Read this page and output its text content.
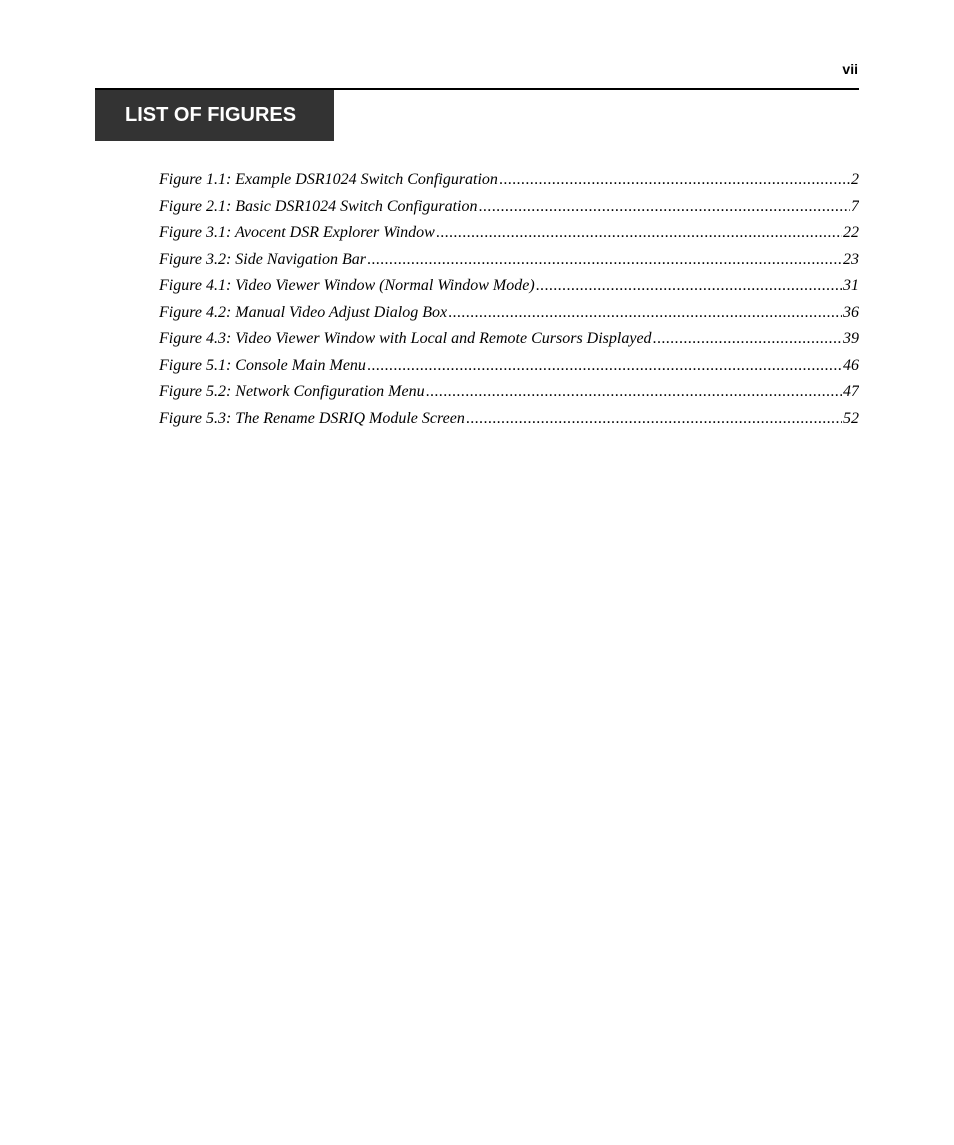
vii
LIST OF FIGURES
Figure 1.1: Example DSR1024 Switch Configuration .....	2
Figure 2.1: Basic DSR1024 Switch Configuration .....	7
Figure 3.1: Avocent DSR Explorer Window .....	22
Figure 3.2: Side Navigation Bar .....	23
Figure 4.1: Video Viewer Window (Normal Window Mode) .....	31
Figure 4.2: Manual Video Adjust Dialog Box .....	36
Figure 4.3: Video Viewer Window with Local and Remote Cursors Displayed .....	39
Figure 5.1: Console Main Menu .....	46
Figure 5.2: Network Configuration Menu .....	47
Figure 5.3: The Rename DSRIQ Module Screen .....	52
